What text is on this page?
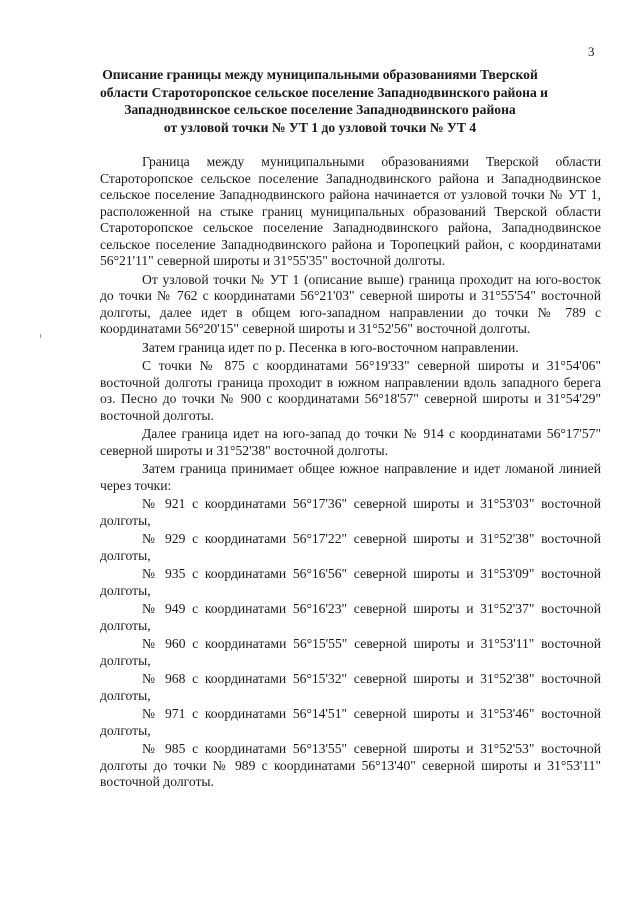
3
Описание границы между муниципальными образованиями Тверской
области Старотoропское сельское поселение Западнодвинского района и
Западнодвинское сельское поселение Западнодвинского района
от узловой точки № УТ 1 до узловой точки № УТ 4

Граница между муниципальными образованиями Тверской области Старотoропское сельское поселение Западнодвинского района и Западнодвинское сельское поселение Западнодвинского района начинается от узловой точки № УТ 1, расположенной на стыке границ муниципальных образований Тверской области Старотoропское сельское поселение Западнодвинского района, Западнодвинское сельское поселение Западнодвинского района и Торопецкий район, с координатами 56°21'11" северной широты и 31°55'35" восточной долготы.

От узловой точки № УТ 1 (описание выше) граница проходит на юго-восток до точки № 762 с координатами 56°21'03" северной широты и 31°55'54" восточной долготы, далее идет в общем юго-западном направлении до точки № 789 с координатами 56°20'15" северной широты и 31°52'56" восточной долготы.

Затем граница идет по р. Песенка в юго-восточном направлении.

С точки № 875 с координатами 56°19'33" северной широты и 31°54'06" восточной долготы граница проходит в южном направлении вдоль западного берега оз. Песно до точки № 900 с координатами 56°18'57" северной широты и 31°54'29" восточной долготы.

Далее граница идет на юго-запад до точки № 914 с координатами 56°17'57" северной широты и 31°52'38" восточной долготы.

Затем граница принимает общее южное направление и идет ломаной линией через точки:

№ 921 с координатами 56°17'36" северной широты и 31°53'03" восточной долготы,

№ 929 с координатами 56°17'22" северной широты и 31°52'38" восточной долготы,

№ 935 с координатами 56°16'56" северной широты и 31°53'09" восточной долготы,

№ 949 с координатами 56°16'23" северной широты и 31°52'37" восточной долготы,

№ 960 с координатами 56°15'55" северной широты и 31°53'11" восточной долготы,

№ 968 с координатами 56°15'32" северной широты и 31°52'38" восточной долготы,

№ 971 с координатами 56°14'51" северной широты и 31°53'46" восточной долготы,

№ 985 с координатами 56°13'55" северной широты и 31°52'53" восточной долготы до точки № 989 с координатами 56°13'40" северной широты и 31°53'11" восточной долготы.
